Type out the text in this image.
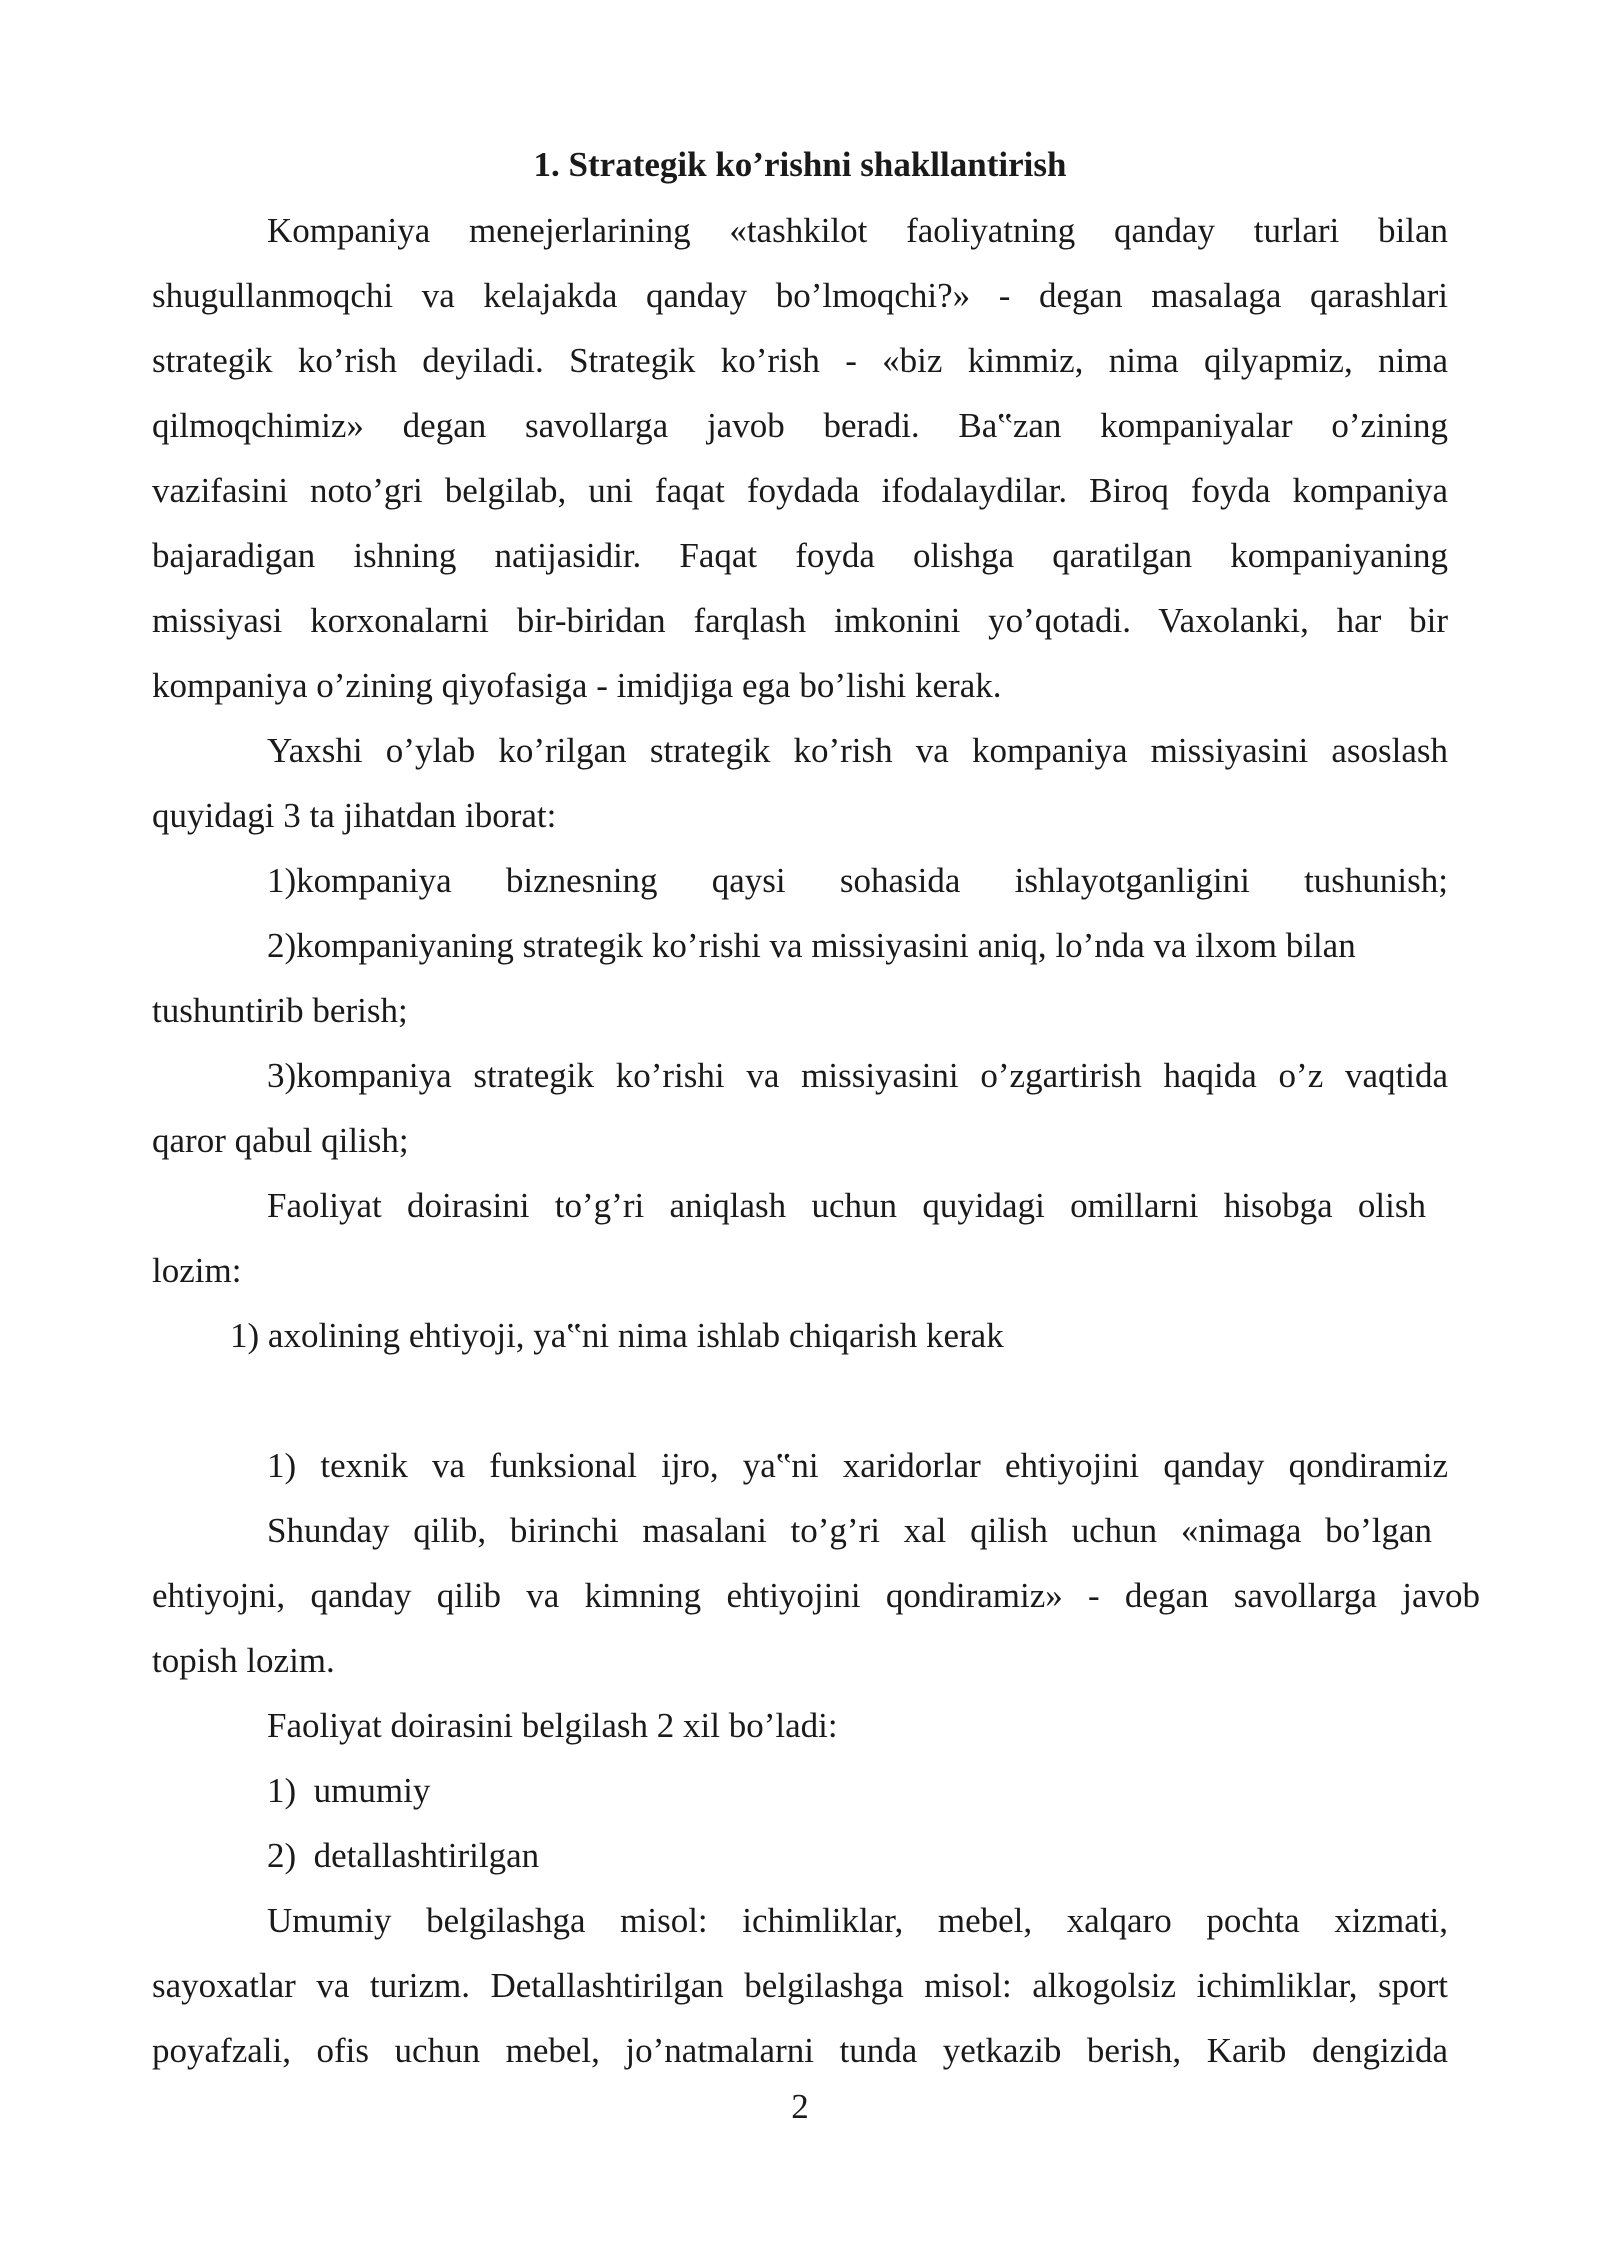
1. Strategik ko’rishni shakllantirish
Kompaniya menejerlarining «tashkilot faoliyatning qanday turlari bilan
shugullanmoqchi va kelajakda qanday bo’lmoqchi?» - degan masalaga qarashlari
strategik ko’rish deyiladi. Strategik ko’rish - «biz kimmiz, nima qilyapmiz, nima
qilmoqchimiz» degan savollarga javob beradi. Ba‟zan kompaniyalar o’zining
vazifasini noto’gri belgilab, uni faqat foydada ifodalaydilar. Biroq foyda kompaniya
bajaradigan ishning natijasidir. Faqat foyda olishga qaratilgan kompaniyaning
missiyasi korxonalarni bir-biridan farqlash imkonini yo’qotadi. Vaxolanki, har bir
kompaniya o’zining qiyofasiga - imidjiga ega bo’lishi kerak.
Yaxshi o’ylab ko’rilgan strategik ko’rish va kompaniya missiyasini asoslash
quyidagi 3 ta jihatdan iborat:
1)kompaniya biznesning qaysi sohasida ishlayotganligini tushunish;
2)kompaniyaning strategik ko’rishi va missiyasini aniq, lo’nda va ilxom bilan
tushuntirib berish;
3)kompaniya strategik ko’rishi va missiyasini o’zgartirish haqida o’z vaqtida
qaror qabul qilish;
Faoliyat doirasini to’g’ri aniqlash uchun quyidagi omillarni hisobga olish
lozim:
1) axolining ehtiyoji, ya‟ni nima ishlab chiqarish kerak
1) texnik va funksional ijro, ya‟ni xaridorlar ehtiyojini qanday qondiramiz
Shunday qilib, birinchi masalani to’g’ri xal qilish uchun «nimaga bo’lgan
ehtiyojni, qanday qilib va kimning ehtiyojini qondiramiz» - degan savollarga javob
topish lozim.
Faoliyat doirasini belgilash 2 xil bo’ladi:
1)  umumiy
2)  detallashtirilgan
Umumiy belgilashga misol: ichimliklar, mebel, xalqaro pochta xizmati,
sayoxatlar va turizm. Detallashtirilgan belgilashga misol: alkogolsiz ichimliklar, sport
poyafzali, ofis uchun mebel, jo’natmalarni tunda yetkazib berish, Karib dengizida
2
